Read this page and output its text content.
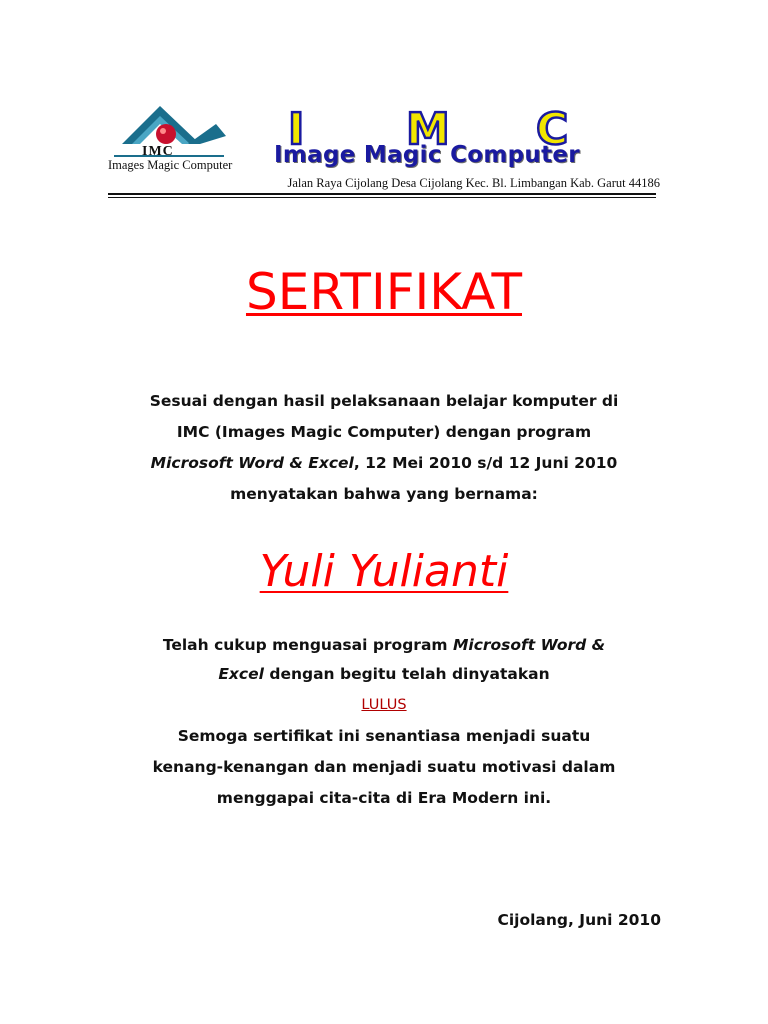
IMC
Images Magic Computer
I M C
Image Magic Computer
Jalan Raya Cijolang Desa Cijolang Kec. Bl. Limbangan Kab. Garut 44186
SERTIFIKAT
Sesuai dengan hasil pelaksanaan belajar komputer di
IMC (Images Magic Computer) dengan program
Microsoft Word & Excel, 12 Mei 2010 s/d 12 Juni 2010
menyatakan bahwa yang bernama:
Yuli Yulianti
Telah cukup menguasai program Microsoft Word &
Excel dengan begitu telah dinyatakan
LULUS
Semoga sertifikat ini senantiasa menjadi suatu
kenang-kenangan dan menjadi suatu motivasi dalam
menggapai cita-cita di Era Modern ini.
Cijolang, Juni 2010
